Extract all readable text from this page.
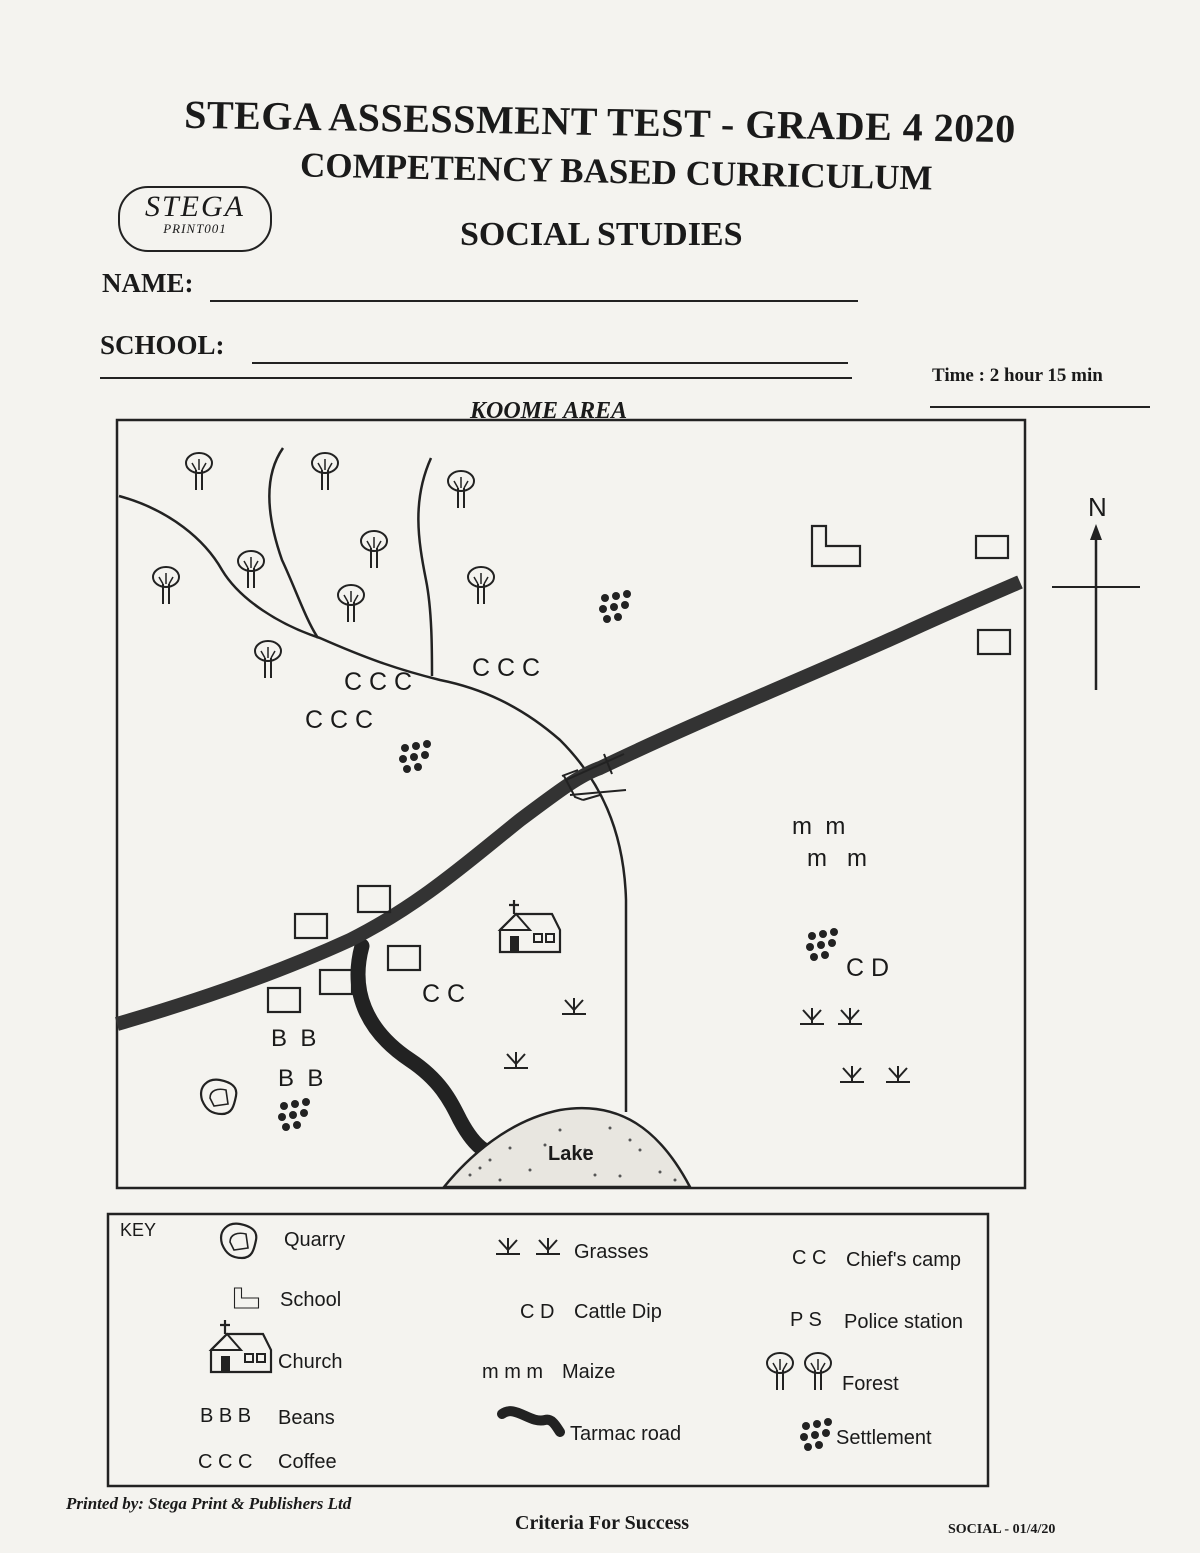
STEGA ASSESSMENT TEST - GRADE 4 2020
COMPETENCY BASED CURRICULUM
SOCIAL STUDIES
STEGA
PRINT001
NAME:
SCHOOL:
Time : 2 hour 15 min
KOOME AREA
N
Lake
C C C
C C C
C C C
C C
C D
m  m
m   m
B  B
B  B
KEY	Quarry
School
Church
B B B Beans
C C C Coffee
Grasses
C D Cattle Dip
m m m Maize
Tarmac road
C C Chief's camp
P S Police station
Forest
Settlement
Printed by: Stega Print & Publishers Ltd
Criteria For Success	SOCIAL - 01/4/20
